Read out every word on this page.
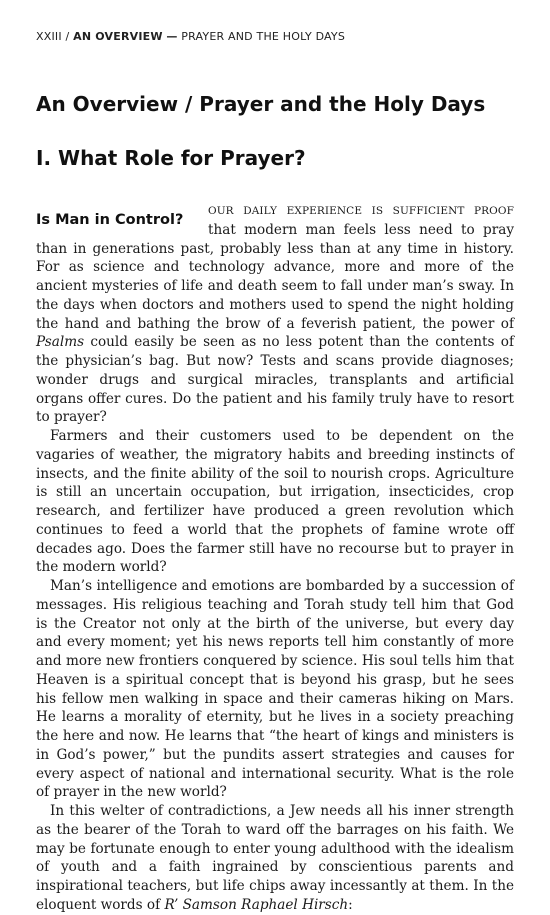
XXIII / AN OVERVIEW — PRAYER AND THE HOLY DAYS
An Overview / Prayer and the Holy Days
I. What Role for Prayer?

OUR DAILY EXPERIENCE IS SUFFICIENT PROOF
Is Man in Control?
that modern man feels less need to pray than in generations past, probably less than at any time in history. For as science and technology advance, more and more of the ancient mysteries of life and death seem to fall under man’s sway. In the days when doctors and mothers used to spend the night holding the hand and bathing the brow of a feverish patient, the power of Psalms could easily be seen as no less potent than the contents of the physician’s bag. But now? Tests and scans provide diagnoses; wonder drugs and surgical miracles, transplants and artificial organs offer cures. Do the patient and his family truly have to resort to prayer?

Farmers and their customers used to be dependent on the vagaries of weather, the migratory habits and breeding instincts of insects, and the finite ability of the soil to nourish crops. Agriculture is still an uncertain occupation, but irrigation, insecticides, crop research, and fertilizer have produced a green revolution which continues to feed a world that the prophets of famine wrote off decades ago. Does the farmer still have no recourse but to prayer in the modern world?

Man’s intelligence and emotions are bombarded by a succession of messages. His religious teaching and Torah study tell him that God is the Creator not only at the birth of the universe, but every day and every moment; yet his news reports tell him constantly of more and more new frontiers conquered by science. His soul tells him that Heaven is a spiritual concept that is beyond his grasp, but he sees his fellow men walking in space and their cameras hiking on Mars. He learns a morality of eternity, but he lives in a society preaching the here and now. He learns that “the heart of kings and ministers is in God’s power,” but the pundits assert strategies and causes for every aspect of national and international security. What is the role of prayer in the new world?

In this welter of contradictions, a Jew needs all his inner strength as the bearer of the Torah to ward off the barrages on his faith. We may be fortunate enough to enter young adulthood with the idealism of youth and a faith ingrained by conscientious parents and inspirational teachers, but life chips away incessantly at them. In the eloquent words of R’ Samson Raphael Hirsch:
